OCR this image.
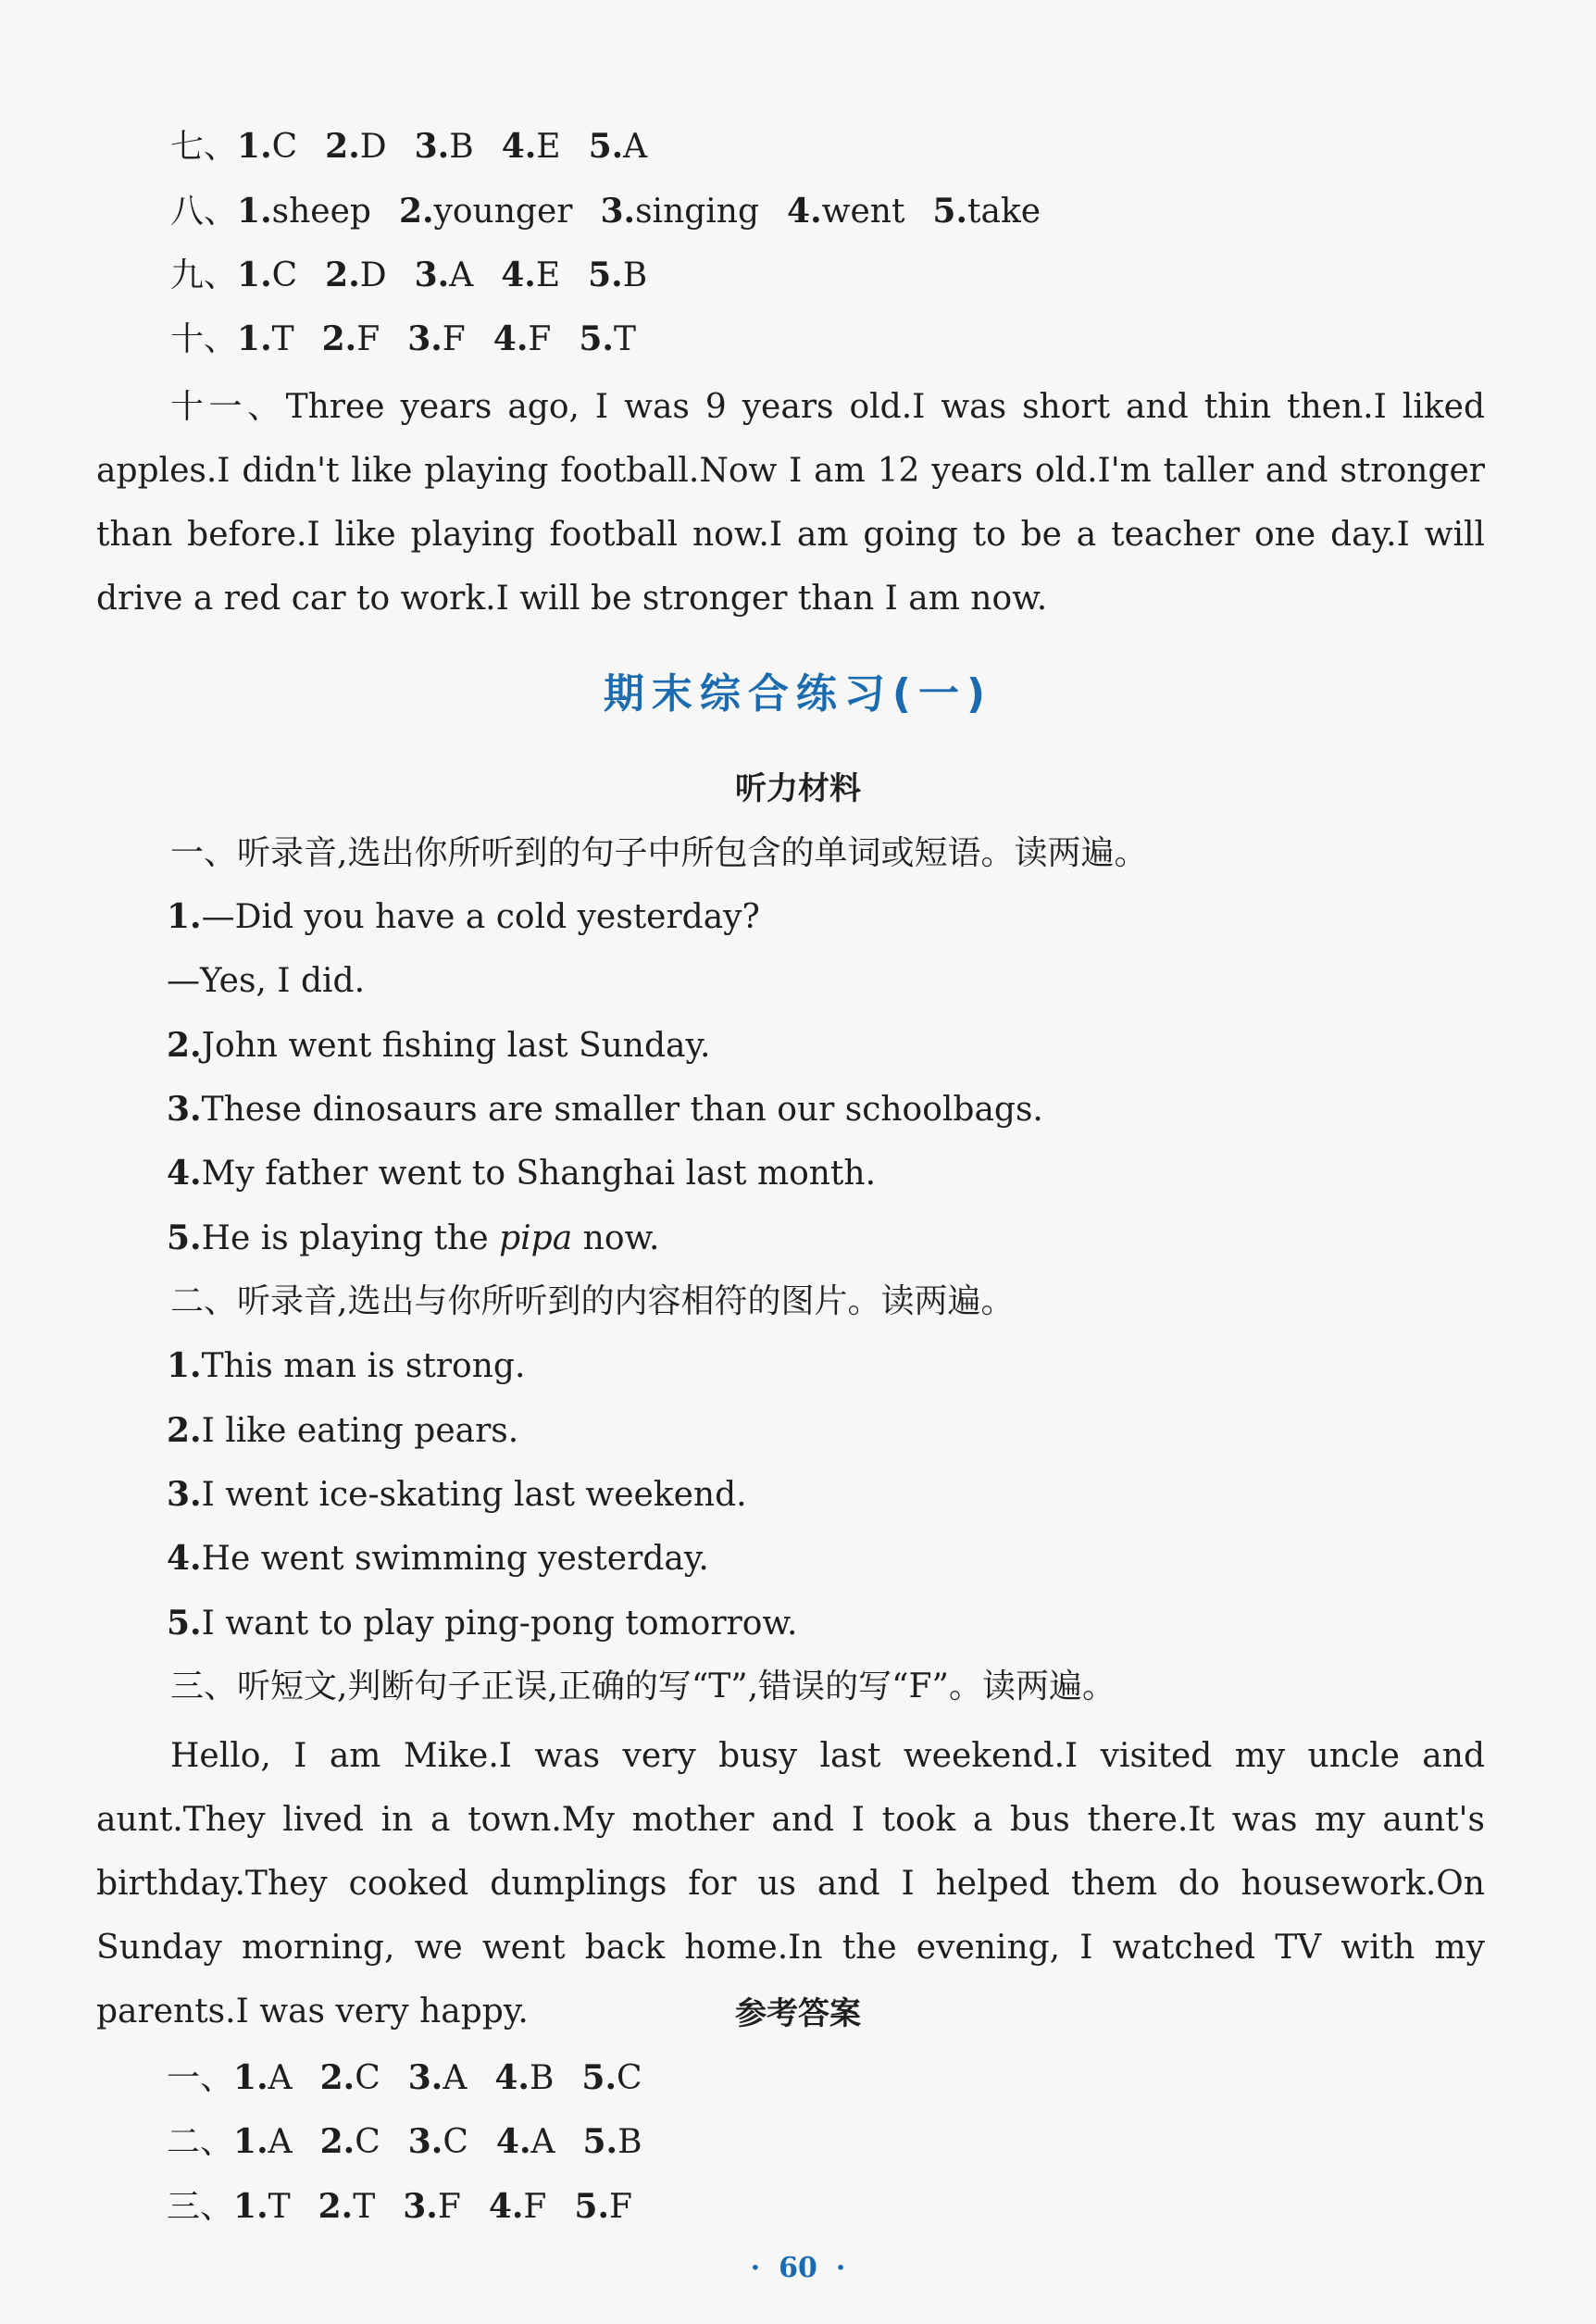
七、1.C 2.D 3.B 4.E 5.A
八、1.sheep 2.younger 3.singing 4.went 5.take
九、1.C 2.D 3.A 4.E 5.B
十、1.T 2.F 3.F 4.F 5.T
十一、Three years ago, I was 9 years old.I was short and thin then.I liked apples.I didn't like playing football.Now I am 12 years old.I'm taller and stronger than before.I like playing football now.I am going to be a teacher one day.I will drive a red car to work.I will be stronger than I am now.
期末综合练习(一)
听力材料
一、听录音,选出你所听到的句子中所包含的单词或短语。读两遍。
1.—Did you have a cold yesterday?
—Yes, I did.
2.John went fishing last Sunday.
3.These dinosaurs are smaller than our schoolbags.
4.My father went to Shanghai last month.
5.He is playing the pipa now.
二、听录音,选出与你所听到的内容相符的图片。读两遍。
1.This man is strong.
2.I like eating pears.
3.I went ice-skating last weekend.
4.He went swimming yesterday.
5.I want to play ping-pong tomorrow.
三、听短文,判断句子正误,正确的写“T”,错误的写“F”。读两遍。
Hello, I am Mike.I was very busy last weekend.I visited my uncle and aunt.They lived in a town.My mother and I took a bus there.It was my aunt's birthday.They cooked dumplings for us and I helped them do housework.On Sunday morning, we went back home.In the evening, I watched TV with my parents.I was very happy.	参考答案
一、1.A 2.C 3.A 4.B 5.C
二、1.A 2.C 3.C 4.A 5.B
三、1.T 2.T 3.F 4.F 5.F
· 60 ·
